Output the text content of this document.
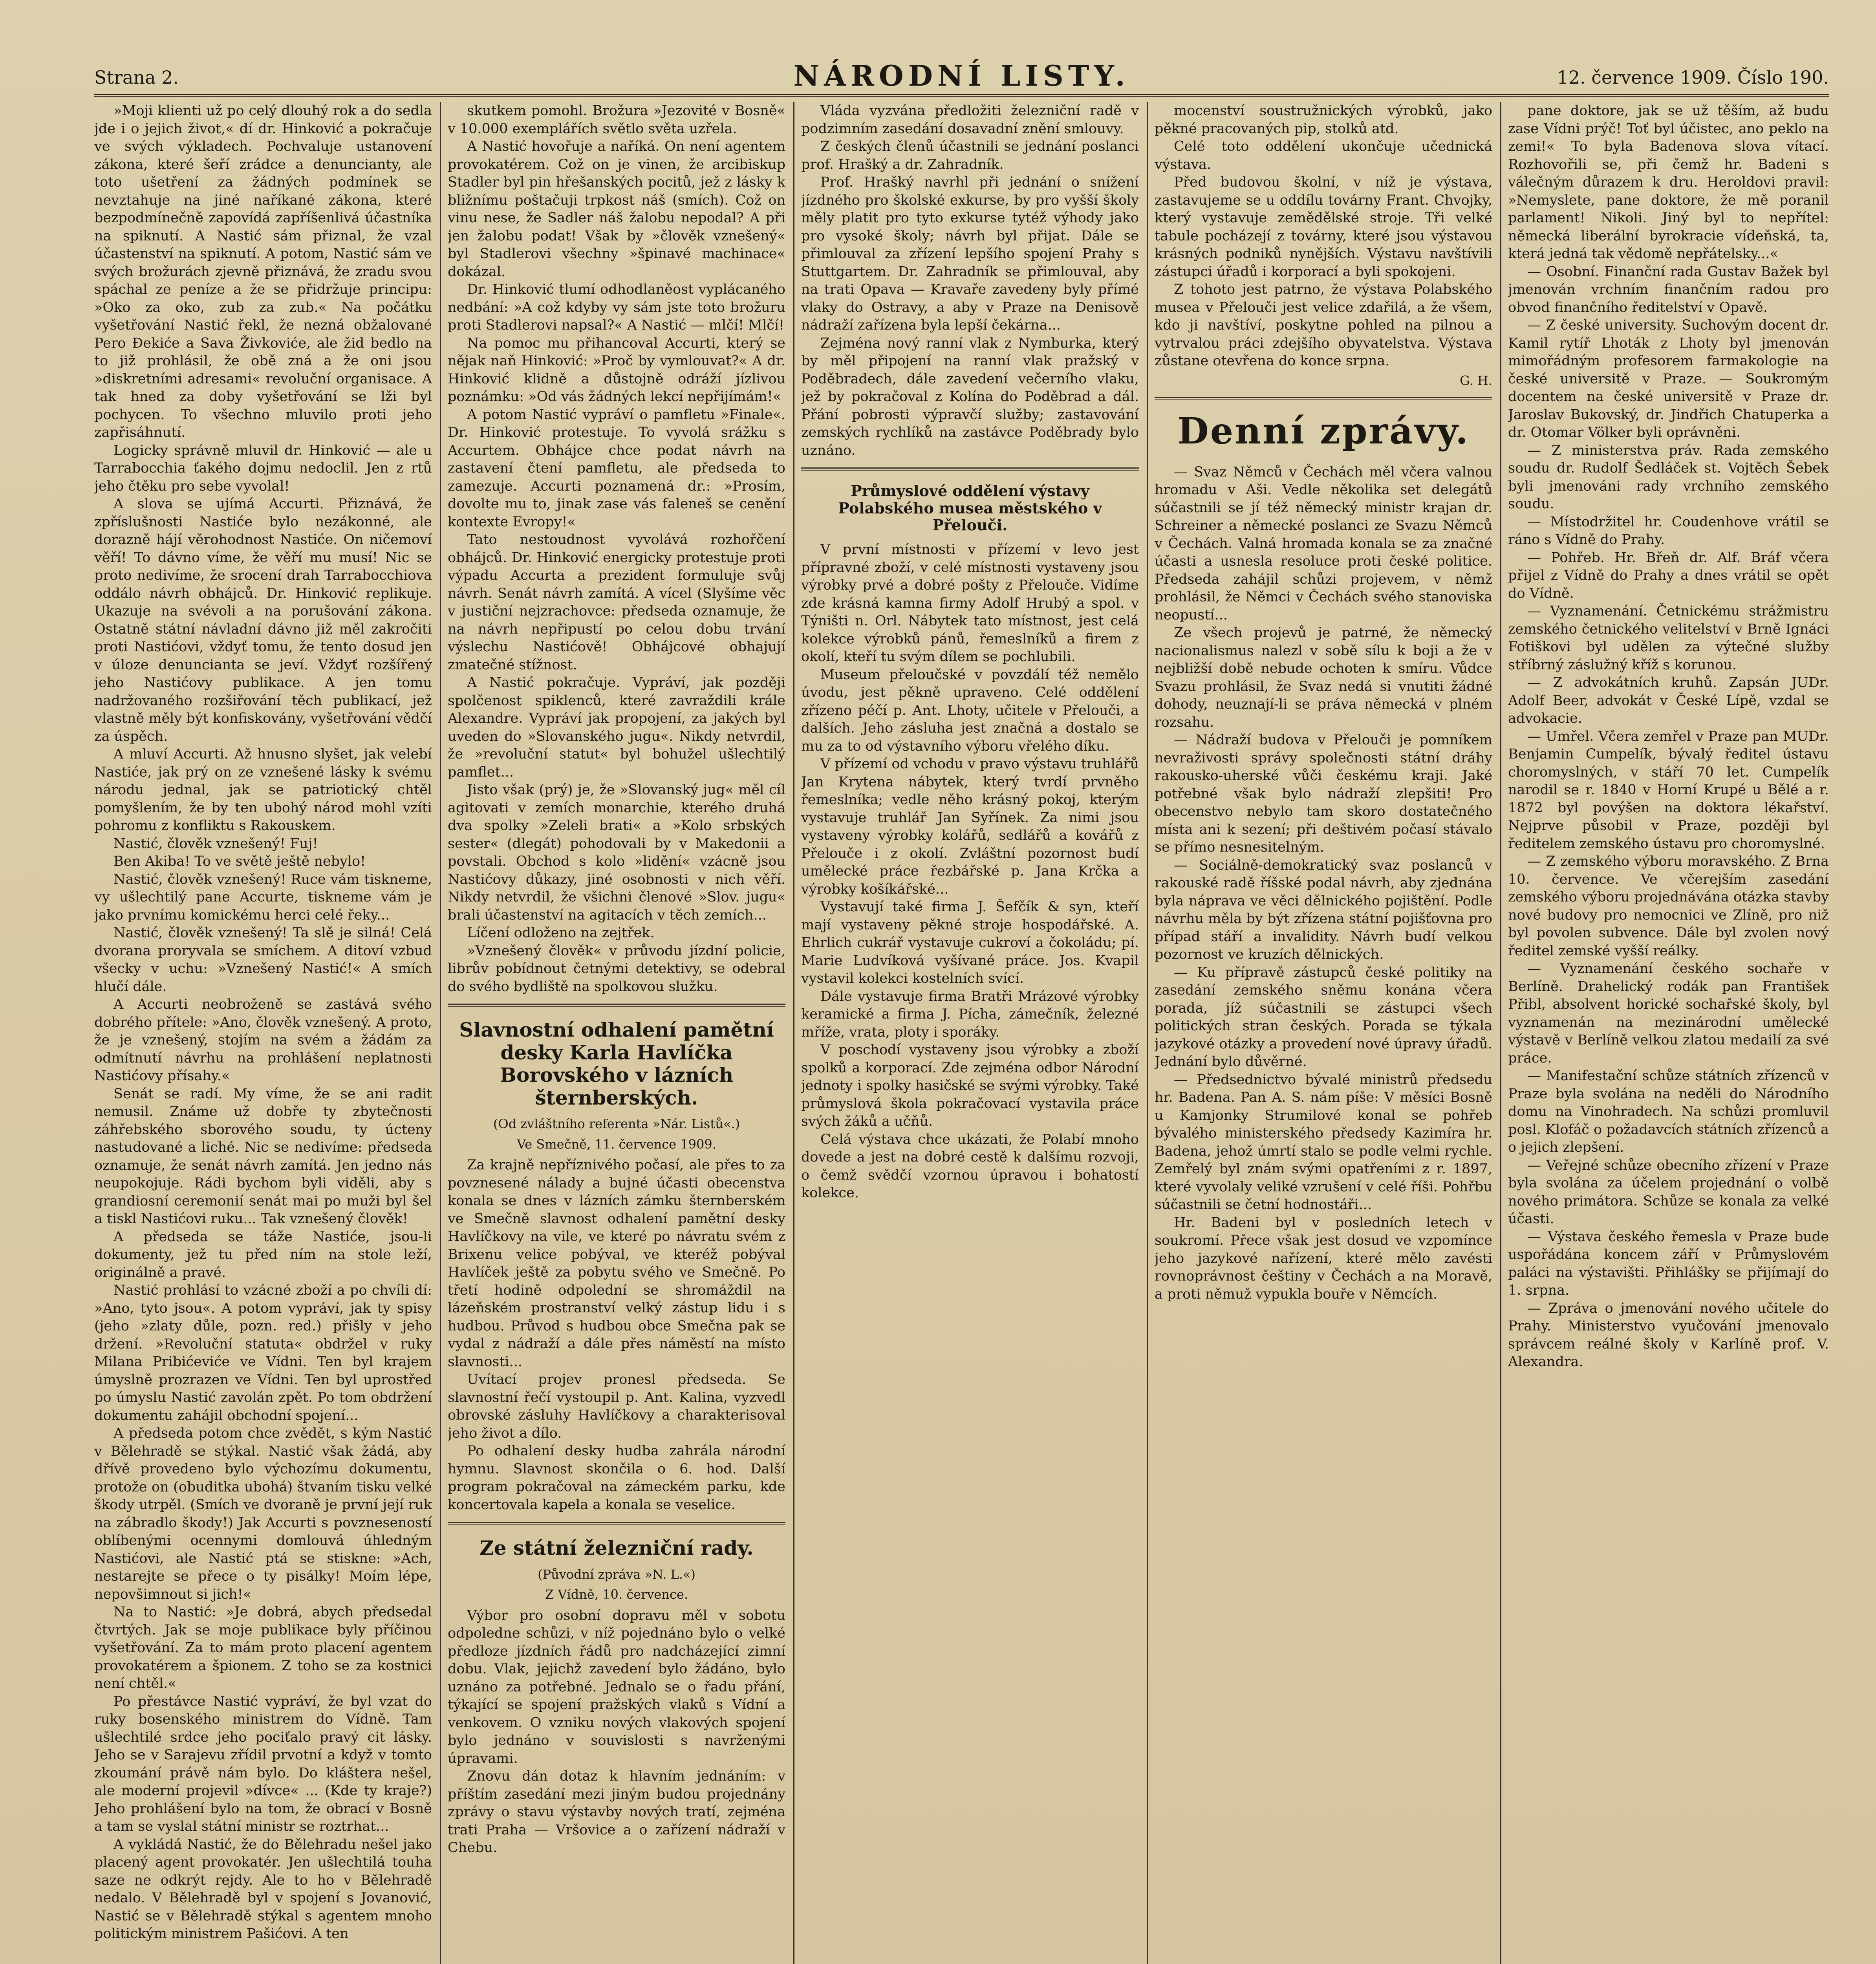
Strana 2.	NÁRODNÍ LISTY.	12. července 1909. Číslo 190.

»Moji klienti už po celý dlouhý rok a do sedla jde i o jejich život,« dí dr. Hinković a pokračuje ve svých výkladech. Pochvaluje ustanovení zákona, které šeří zrádce a denuncianty, ale toto ušetření za žádných podmínek se nevztahuje na jiné naříkané zákona, které bezpodmínečně zapovídá zapříšenlivá účastníka na spiknutí. A Nastić sám přiznal, že vzal účastenství na spiknutí. A potom, Nastić sám ve svých brožurách zjevně přiznává, že zradu svou spáchal ze peníze a že se přidržuje principu: »Oko za oko, zub za zub.« Na počátku vyšetřování Nastić řekl, že nezná obžalované Pero Đekiće a Sava Živkoviće, ale žid bedlo na to již prohlásil, že obě zná a že oni jsou »diskretními adresami« revoluční organisace. A tak hned za doby vyšetřování se lži byl pochycen. To všechno mluvilo proti jeho zapřisáhnutí.

Logicky správně mluvil dr. Hinković — ale u Tarrabocchia ťakého dojmu nedoclil. Jen z rtů jeho čtěku pro sebe vyvolal!

A slova se ujímá Accurti. Přiznává, že zpříslušnosti Nastiće bylo nezákonné, ale dorazně hájí věrohodnost Nastiće. On ničemoví věří! To dávno víme, že věří mu musí! Nic se proto nedivíme, že srocení drah Tarrabocchiova oddálo návrh obhájců. Dr. Hinković replikuje. Ukazuje na svévoli a na porušování zákona. Ostatně státní návladní dávno již měl zakročiti proti Nastićovi, vždyť tomu, že tento dosud jen v úloze denuncianta se jeví. Vždyť rozšířený jeho Nastićovy publikace. A jen tomu nadržovaného rozšiřování těch publikací, jež vlastně měly být konfiskovány, vyšetřování vědčí za úspěch.

A mluví Accurti. Až hnusno slyšet, jak velebí Nastiće, jak prý on ze vznešené lásky k svému národu jednal, jak se patriotický chtěl pomyšlením, že by ten ubohý národ mohl vzíti pohromu z konfliktu s Rakouskem.

Nastić, člověk vznešený! Fuj!

Ben Akiba! To ve světě ještě nebylo!

Nastić, člověk vznešený! Ruce vám tiskneme, vy ušlechtilý pane Accurte, tiskneme vám je jako prvnímu komickému herci celé řeky...

Nastić, člověk vznešený! Ta slě je silná! Celá dvorana proryvala se smíchem. A ditoví vzbud všecky v uchu: »Vznešený Nastić!« A smích hlučí dále.

A Accurti neobroženě se zastává svého dobrého přítele: »Ano, člověk vznešený. A proto, že je vznešený, stojím na svém a žádám za odmítnutí návrhu na prohlášení neplatnosti Nastićovy přísahy.«

Senát se radí. My víme, že se ani radit nemusil. Známe už dobře ty zbytečnosti záhřebského sborového soudu, ty úcteny nastudované a liché. Nic se nedivíme: předseda oznamuje, že senát návrh zamítá. Jen jedno nás neupokojuje. Rádi bychom byli viděli, aby s grandiosní ceremonií senát mai po muži byl šel a tiskl Nastićovi ruku... Tak vznešený člověk!

A předseda se táže Nastiće, jsou-li dokumenty, jež tu před ním na stole leží, originálně a pravé.

Nastić prohlásí to vzácné zboží a po chvíli dí: »Ano, tyto jsou«. A potom vypráví, jak ty spisy (jeho »zlaty důle, pozn. red.) přišly v jeho držení. »Revoluční statuta« obdržel v ruky Milana Pribićeviće ve Vídni. Ten byl krajem úmyslně prozrazen ve Vídni. Ten byl uprostřed po úmyslu Nastić zavolán zpět. Po tom obdržení dokumentu zahájil obchodní spojení...

A předseda potom chce zvědět, s kým Nastić v Bělehradě se stýkal. Nastić však žádá, aby dřívě provedeno bylo výchozímu dokumentu, protože on (obuditka ubohá) štvaním tisku velké škody utrpěl. (Smích ve dvoraně je první její ruk na zábradlo škody!) Jak Accurti s povzneseností oblíbenými ocennymi domlouvá úhledným Nastićovi, ale Nastić ptá se stiskne: »Ach, nestarejte se přece o ty pisálky! Moím lépe, nepovšimnout si jich!«

Na to Nastić: »Je dobrá, abych předsedal čtvrtých. Jak se moje publikace byly příčinou vyšetřování. Za to mám proto placení agentem provokatérem a špionem. Z toho se za kostnici není chtěl.«

Po přestávce Nastić vypráví, že byl vzat do ruky bosenského ministrem do Vídně. Tam ušlechtilé srdce jeho pociťalo pravý cit lásky. Jeho se v Sarajevu zřídil prvotní a když v tomto zkoumání právě nám bylo. Do kláštera nešel, ale moderní projevil »dívce« ... (Kde ty kraje?) Jeho prohlášení bylo na tom, že obrací v Bosně a tam se vyslal státní ministr se roztrhat...

A vykládá Nastić, že do Bělehradu nešel jako placený agent provokatér. Jen ušlechtilá touha saze ne odkrýt rejdy. Ale to ho v Bělehradě nedalo. V Bělehradě byl v spojení s Jovanović, Nastić se v Bělehradě stýkal s agentem mnoho politickým ministrem Pašićovi. A ten

skutkem pomohl. Brožura »Jezovité v Bosně« v 10.000 exemplářích světlo světa uzřela.

A Nastić hovořuje a naříká. On není agentem provokatérem. Což on je vinen, že arcibiskup Stadler byl pin hřešanských pocitů, jež z lásky k bližnímu poštačuji trpkost náš (smích). Což on vinu nese, že Sadler náš žalobu nepodal? A při jen žalobu podat! Však by »člověk vznešený« byl Stadlerovi všechny »špinavé machinace« dokázal.

Dr. Hinković tlumí odhodlaněost vyplácaného nedbání: »A což kdyby vy sám jste toto brožuru proti Stadlerovi napsal?« A Nastić — mlčí! Mlčí!

Na pomoc mu přihancoval Accurti, který se nějak naň Hinković: »Proč by vymlouvat?« A dr. Hinković klidně a důstojně odráží jízlivou poznámku: »Od vás žádných lekcí nepřijímám!«

A potom Nastić vypráví o pamfletu »Finale«. Dr. Hinković protestuje. To vyvolá srážku s Accurtem. Obhájce chce podat návrh na zastavení čtení pamfletu, ale předseda to zamezuje. Accurti poznamená dr.: »Prosím, dovolte mu to, jinak zase vás faleneš se cenění kontexte Evropy!«

Tato nestoudnost vyvolává rozhořčení obhájců. Dr. Hinković energicky protestuje proti výpadu Accurta a prezident formuluje svůj návrh. Senát návrh zamítá. A vícel (Slyšíme věc v justiční nejzrachovce: předseda oznamuje, že na návrh nepřipustí po celou dobu trvání výslechu Nastićově! Obhájcové obhajují zmatečné stížnost.

A Nastić pokračuje. Vypráví, jak později spolčenost spiklenců, které zavraždili krále Alexandre. Vypráví jak propojení, za jakých byl uveden do »Slovanského jugu«. Nikdy netvrdil, že »revoluční statut« byl bohužel ušlechtilý pamflet...

Jisto však (prý) je, že »Slovanský jug« měl cíl agitovati v zemích monarchie, kterého druhá dva spolky »Zeleli brati« a »Kolo srbských sester« (dlegát) pohodovali by v Makedonii a povstali. Obchod s kolo »lidění« vzácně jsou Nastićovy důkazy, jiné osobnosti v nich věří. Nikdy netvrdil, že všichni členové »Slov. jugu« brali účastenství na agitacích v těch zemích...

Líčení odloženo na zejtřek.

»Vznešený člověk« v průvodu jízdní policie, librův pobídnout četnými detektivy, se odebral do svého bydliště na spolkovou služku.

Slavnostní odhalení pamětní desky Karla Havlíčka Borovského v lázních šternberských.
(Od zvláštního referenta »Nár. Listů«.)
Ve Smečně, 11. července 1909.

Za krajně nepříznivého počasí, ale přes to za povznesené nálady a bujné účasti obecenstva konala se dnes v lázních zámku šternberském ve Smečně slavnost odhalení pamětní desky Havlíčkovy na vile, ve které po návratu svém z Brixenu velice pobýval, ve kteréž pobýval Havlíček ještě za pobytu svého ve Smečně. Po třetí hodině odpolední se shromáždil na lázeňském prostranství velký zástup lidu i s hudbou. Průvod s hudbou obce Smečna pak se vydal z nádraží a dále přes náměstí na místo slavnosti...

Uvítací projev pronesl předseda. Se slavnostní řečí vystoupil p. Ant. Kalina, vyzvedl obrovské zásluhy Havlíčkovy a charakterisoval jeho život a dílo.

Po odhalení desky hudba zahrála národní hymnu. Slavnost skončila o 6. hod. Další program pokračoval na zámeckém parku, kde koncertovala kapela a konala se veselice.

Ze státní železniční rady.
(Původní zpráva »N. L.«)
Z Vídně, 10. července.

Výbor pro osobní dopravu měl v sobotu odpoledne schůzi, v níž pojednáno bylo o velké předloze jízdních řádů pro nadcházející zimní dobu. Vlak, jejichž zavedení bylo žádáno, bylo uznáno za potřebné. Jednalo se o řadu přání, týkající se spojení pražských vlaků s Vídní a venkovem. O vzniku nových vlakových spojení bylo jednáno v souvislosti s navrženými úpravami.

Znovu dán dotaz k hlavním jednáním: v příštím zasedání mezi jiným budou projednány zprávy o stavu výstavby nových tratí, zejména trati Praha — Vršovice a o zařízení nádraží v Chebu.

Vláda vyzvána předložiti železniční radě v podzimním zasedání dosavadní znění smlouvy.

Z českých členů účastnili se jednání poslanci prof. Hrašký a dr. Zahradník.

Prof. Hrašký navrhl při jednání o snížení jízdného pro školské exkurse, by pro vyšší školy měly platit pro tyto exkurse tytéž výhody jako pro vysoké školy; návrh byl přijat. Dále se přimlouval za zřízení lepšího spojení Prahy s Stuttgartem. Dr. Zahradník se přimlouval, aby na trati Opava — Kravaře zavedeny byly přímé vlaky do Ostravy, a aby v Praze na Denisově nádraží zařízena byla lepší čekárna...

Zejména nový ranní vlak z Nymburka, který by měl připojení na ranní vlak pražský v Poděbradech, dále zavedení večerního vlaku, jež by pokračoval z Kolína do Poděbrad a dál. Přání pobrosti výpravčí služby; zastavování zemských rychlíků na zastávce Poděbrady bylo uznáno.

Průmyslové oddělení výstavy Polabského musea městského v Přelouči.

V první místnosti v přízemí v levo jest přípravné zboží, v celé místnosti vystaveny jsou výrobky prvé a dobré pošty z Přelouče. Vidíme zde krásná kamna firmy Adolf Hrubý a spol. v Týništi n. Orl. Nábytek tato místnost, jest celá kolekce výrobků pánů, řemeslníků a firem z okolí, kteří tu svým dílem se pochlubili.

Museum přeloučské v povzdálí též nemělo úvodu, jest pěkně upraveno. Celé oddělení zřízeno péčí p. Ant. Lhoty, učitele v Přelouči, a dalších. Jeho zásluha jest značná a dostalo se mu za to od výstavního výboru vřelého díku.

V přízemí od vchodu v pravo výstavu truhlářů Jan Krytena nábytek, který tvrdí prvněho řemeslníka; vedle něho krásný pokoj, kterým vystavuje truhlář Jan Syřínek. Za nimi jsou vystaveny výrobky kolářů, sedlářů a kovářů z Přelouče i z okolí. Zvláštní pozornost budí umělecké práce řezbářské p. Jana Krčka a výrobky košíkářské...

Vystavují také firma J. Šefčík & syn, kteří mají vystaveny pěkné stroje hospodářské. A. Ehrlich cukrář vystavuje cukroví a čokoládu; pí. Marie Ludvíková vyšívané práce. Jos. Kvapil vystavil kolekci kostelních svící.

Dále vystavuje firma Bratři Mrázové výrobky keramické a firma J. Pícha, zámečník, železné mříže, vrata, ploty i sporáky.

V poschodí vystaveny jsou výrobky a zboží spolků a korporací. Zde zejména odbor Národní jednoty i spolky hasičské se svými výrobky. Také průmyslová škola pokračovací vystavila práce svých žáků a učňů.

Celá výstava chce ukázati, že Polabí mnoho dovede a jest na dobré cestě k dalšímu rozvoji, o čemž svědčí vzornou úpravou i bohatostí kolekce.

mocenství soustružnických výrobků, jako pěkné pracovaných pip, stolků atd.

Celé toto oddělení ukončuje učednická výstava.

Před budovou školní, v níž je výstava, zastavujeme se u oddílu továrny Frant. Chvojky, který vystavuje zemědělské stroje. Tři velké tabule pocházejí z továrny, které jsou výstavou krásných podniků nynějších. Výstavu navštívili zástupci úřadů i korporací a byli spokojeni.

Z tohoto jest patrno, že výstava Polabského musea v Přelouči jest velice zdařilá, a že všem, kdo ji navštíví, poskytne pohled na pilnou a vytrvalou práci zdejšího obyvatelstva. Výstava zůstane otevřena do konce srpna.

G. H.
Denní zprávy.

— Svaz Němců v Čechách měl včera valnou hromadu v Aši. Vedle několika set delegátů súčastnili se jí též německý ministr krajan dr. Schreiner a německé poslanci ze Svazu Němců v Čechách. Valná hromada konala se za značné účasti a usnesla resoluce proti české politice. Předseda zahájil schůzi projevem, v němž prohlásil, že Němci v Čechách svého stanoviska neopustí...

Ze všech projevů je patrné, že německý nacionalismus nalezl v sobě sílu k boji a že v nejbližší době nebude ochoten k smíru. Vůdce Svazu prohlásil, že Svaz nedá si vnutiti žádné dohody, neuznají-li se práva německá v plném rozsahu.

— Nádraží budova v Přelouči je pomníkem nevraživosti správy společnosti státní dráhy rakousko-uherské vůči českému kraji. Jaké potřebné však bylo nádraží zlepšiti! Pro obecenstvo nebylo tam skoro dostatečného místa ani k sezení; při deštivém počasí stávalo se přímo nesnesitelným.

— Sociálně-demokratický svaz poslanců v rakouské radě říšské podal návrh, aby zjednána byla náprava ve věci dělnického pojištění. Podle návrhu měla by být zřízena státní pojišťovna pro případ stáří a invalidity. Návrh budí velkou pozornost ve kruzích dělnických.

— Ku přípravě zástupců české politiky na zasedání zemského sněmu konána včera porada, jíž súčastnili se zástupci všech politických stran českých. Porada se týkala jazykové otázky a provedení nové úpravy úřadů. Jednání bylo důvěrné.

— Předsednictvo bývalé ministrů předsedu hr. Badena. Pan A. S. nám píše: V měsíci Bosně u Kamjonky Strumilové konal se pohřeb bývalého ministerského předsedy Kazimíra hr. Badena, jehož úmrtí stalo se podle velmi rychle. Zemřelý byl znám svými opatřeními z r. 1897, které vyvolaly veliké vzrušení v celé říši. Pohřbu súčastnili se četní hodnostáři...

Hr. Badeni byl v posledních letech v soukromí. Přece však jest dosud ve vzpomínce jeho jazykové nařízení, které mělo zavésti rovnoprávnost češtiny v Čechách a na Moravě, a proti němuž vypukla bouře v Němcích.

pane doktore, jak se už těším, až budu zase Vídni prýč! Toť byl účistec, ano peklo na zemi!« To byla Badenova slova vítací. Rozhovořili se, při čemž hr. Badeni s válečným důrazem k dru. Heroldovi pravil: »Nemyslete, pane doktore, že mě poranil parlament! Nikoli. Jiný byl to nepřítel: německá liberální byrokracie vídeňská, ta, která jedná tak vědomě nepřátelsky...«

— Osobní. Finanční rada Gustav Bažek byl jmenován vrchním finančním radou pro obvod finančního ředitelství v Opavě.

— Z české university. Suchovým docent dr. Kamil rytíř Lhoták z Lhoty byl jmenován mimořádným profesorem farmakologie na české universitě v Praze. — Soukromým docentem na české universitě v Praze dr. Jaroslav Bukovský, dr. Jindřich Chatuperka a dr. Otomar Völker byli oprávněni.

— Z ministerstva práv. Rada zemského soudu dr. Rudolf Šedláček st. Vojtěch Šebek byli jmenováni rady vrchního zemského soudu.

— Místodržitel hr. Coudenhove vrátil se ráno s Vídně do Prahy.

— Pohřeb. Hr. Břeň dr. Alf. Bráf včera přijel z Vídně do Prahy a dnes vrátil se opět do Vídně.

— Vyznamenání. Četnickému strážmistru zemského četnického velitelství v Brně Ignáci Fotiškovi byl udělen za výtečné služby stříbrný záslužný kříž s korunou.

— Z advokátních kruhů. Zapsán JUDr. Adolf Beer, advokát v České Lípě, vzdal se advokacie.

— Umřel. Včera zemřel v Praze pan MUDr. Benjamin Cumpelík, bývalý ředitel ústavu choromyslných, v stáří 70 let. Cumpelík narodil se r. 1840 v Horní Krupé u Bělé a r. 1872 byl povýšen na doktora lékařství. Nejprve působil v Praze, později byl ředitelem zemského ústavu pro choromyslné.

— Z zemského výboru moravského. Z Brna 10. července. Ve včerejším zasedání zemského výboru projednávána otázka stavby nové budovy pro nemocnici ve Zlíně, pro niž byl povolen subvence. Dále byl zvolen nový ředitel zemské vyšší reálky.

— Vyznamenání českého sochaře v Berlíně. Drahelický rodák pan František Přibl, absolvent horické sochařské školy, byl vyznamenán na mezinárodní umělecké výstavě v Berlíně velkou zlatou medailí za své práce.

— Manifestační schůze státních zřízenců v Praze byla svolána na neděli do Národního domu na Vinohradech. Na schůzi promluvil posl. Klofáč o požadavcích státních zřízenců a o jejich zlepšení.

— Veřejné schůze obecního zřízení v Praze byla svolána za účelem projednání o volbě nového primátora. Schůze se konala za velké účasti.

— Výstava českého řemesla v Praze bude uspořádána koncem září v Průmyslovém paláci na výstavišti. Přihlášky se přijímají do 1. srpna.

— Zpráva o jmenování nového učitele do Prahy. Ministerstvo vyučování jmenovalo správcem reálné školy v Karlíně prof. V. Alexandra.
